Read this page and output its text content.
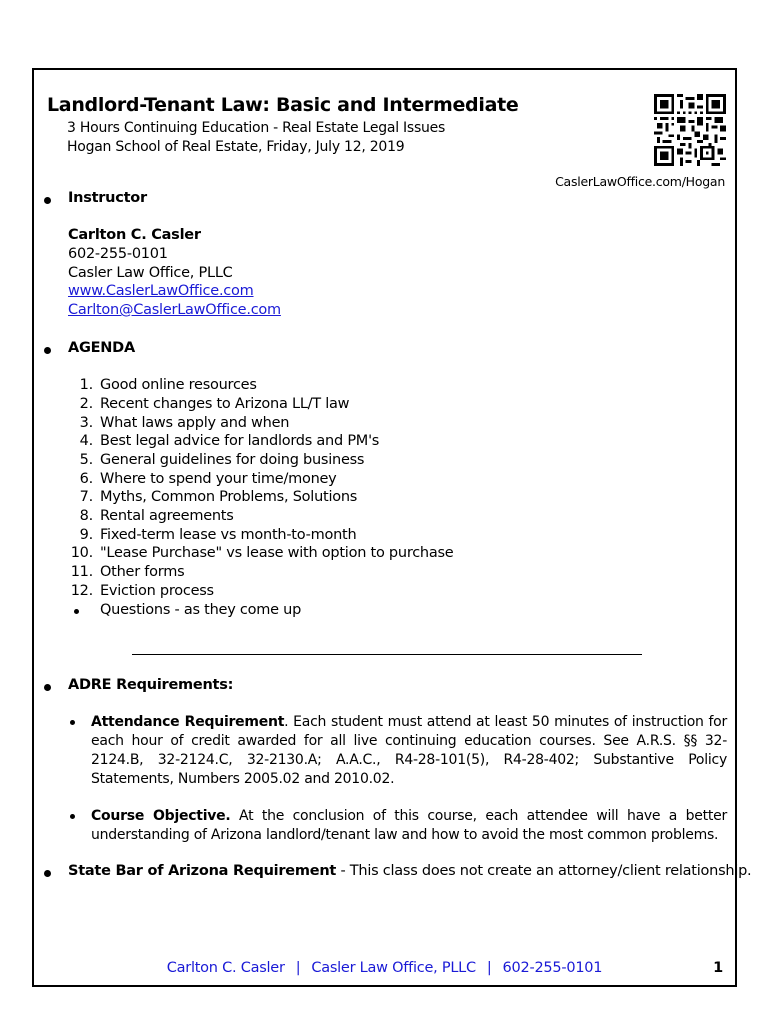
Landlord-Tenant Law: Basic and Intermediate
3 Hours Continuing Education - Real Estate Legal Issues
Hogan School of Real Estate, Friday, July 12, 2019
CaslerLawOffice.com/Hogan
Instructor
Carlton C. Casler
602-255-0101
Casler Law Office, PLLC
www.CaslerLawOffice.com
Carlton@CaslerLawOffice.com
AGENDA
1. Good online resources
2. Recent changes to Arizona LL/T law
3. What laws apply and when
4. Best legal advice for landlords and PM's
5. General guidelines for doing business
6. Where to spend your time/money
7. Myths, Common Problems, Solutions
8. Rental agreements
9. Fixed-term lease vs month-to-month
10. "Lease Purchase" vs lease with option to purchase
11. Other forms
12. Eviction process
Questions - as they come up
ADRE Requirements:
Attendance Requirement. Each student must attend at least 50 minutes of instruction for each hour of credit awarded for all live continuing education courses. See A.R.S. §§ 32-2124.B, 32-2124.C, 32-2130.A; A.A.C., R4-28-101(5), R4-28-402; Substantive Policy Statements, Numbers 2005.02 and 2010.02.
Course Objective. At the conclusion of this course, each attendee will have a better understanding of Arizona landlord/tenant law and how to avoid the most common problems.
State Bar of Arizona Requirement - This class does not create an attorney/client relationship.
Carlton C. Casler | Casler Law Office, PLLC | 602-255-0101	1
